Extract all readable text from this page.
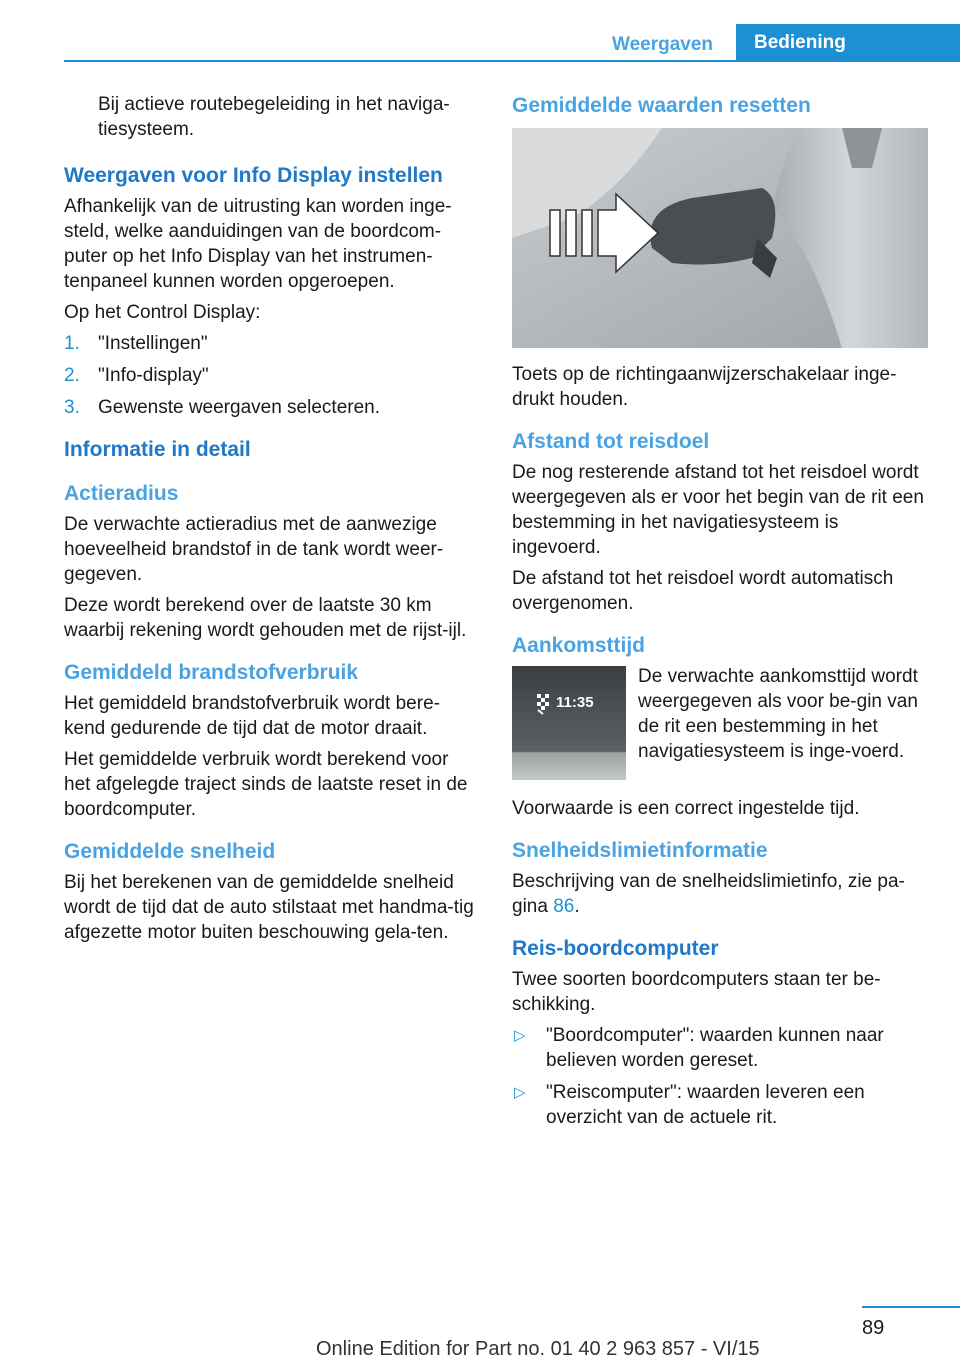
Weergaven	Bediening

Bij actieve routebegeleiding in het naviga‐tiesysteem.

Weergaven voor Info Display instellen

Afhankelijk van de uitrusting kan worden inge‐steld, welke aanduidingen van de boordcom‐puter op het Info Display van het instrumen‐tenpaneel kunnen worden opgeroepen.

Op het Control Display:

1. "Instellingen"
2. "Info-display"
3. Gewenste weergaven selecteren.
Informatie in detail
Actieradius

De verwachte actieradius met de aanwezige hoeveelheid brandstof in de tank wordt weer‐gegeven.

Deze wordt berekend over de laatste 30 km waarbij rekening wordt gehouden met de rijst‐ijl.

Gemiddeld brandstofverbruik

Het gemiddeld brandstofverbruik wordt bere‐kend gedurende de tijd dat de motor draait.

Het gemiddelde verbruik wordt berekend voor het afgelegde traject sinds de laatste reset in de boordcomputer.

Gemiddelde snelheid

Bij het berekenen van de gemiddelde snelheid wordt de tijd dat de auto stilstaat met handma‐tig afgezette motor buiten beschouwing gela‐ten.

Gemiddelde waarden resetten

Toets op de richtingaanwijzerschakelaar inge‐drukt houden.

Afstand tot reisdoel

De nog resterende afstand tot het reisdoel wordt weergegeven als er voor het begin van de rit een bestemming in het navigatiesysteem is ingevoerd.

De afstand tot het reisdoel wordt automatisch overgenomen.

Aankomsttijd
11:35

De verwachte aankomsttijd wordt weergegeven als voor be‐gin van de rit een bestemming in het navigatiesysteem is inge‐voerd.

Voorwaarde is een correct ingestelde tijd.

Snelheidslimietinformatie

Beschrijving van de snelheidslimietinfo, zie pa‐gina 86.

Reis-boordcomputer

Twee soorten boordcomputers staan ter be‐schikking.

▷ "Boordcomputer": waarden kunnen naar believen worden gereset.
▷ "Reiscomputer": waarden leveren een overzicht van de actuele rit.
89
Online Edition for Part no. 01 40 2 963 857 - VI/15
